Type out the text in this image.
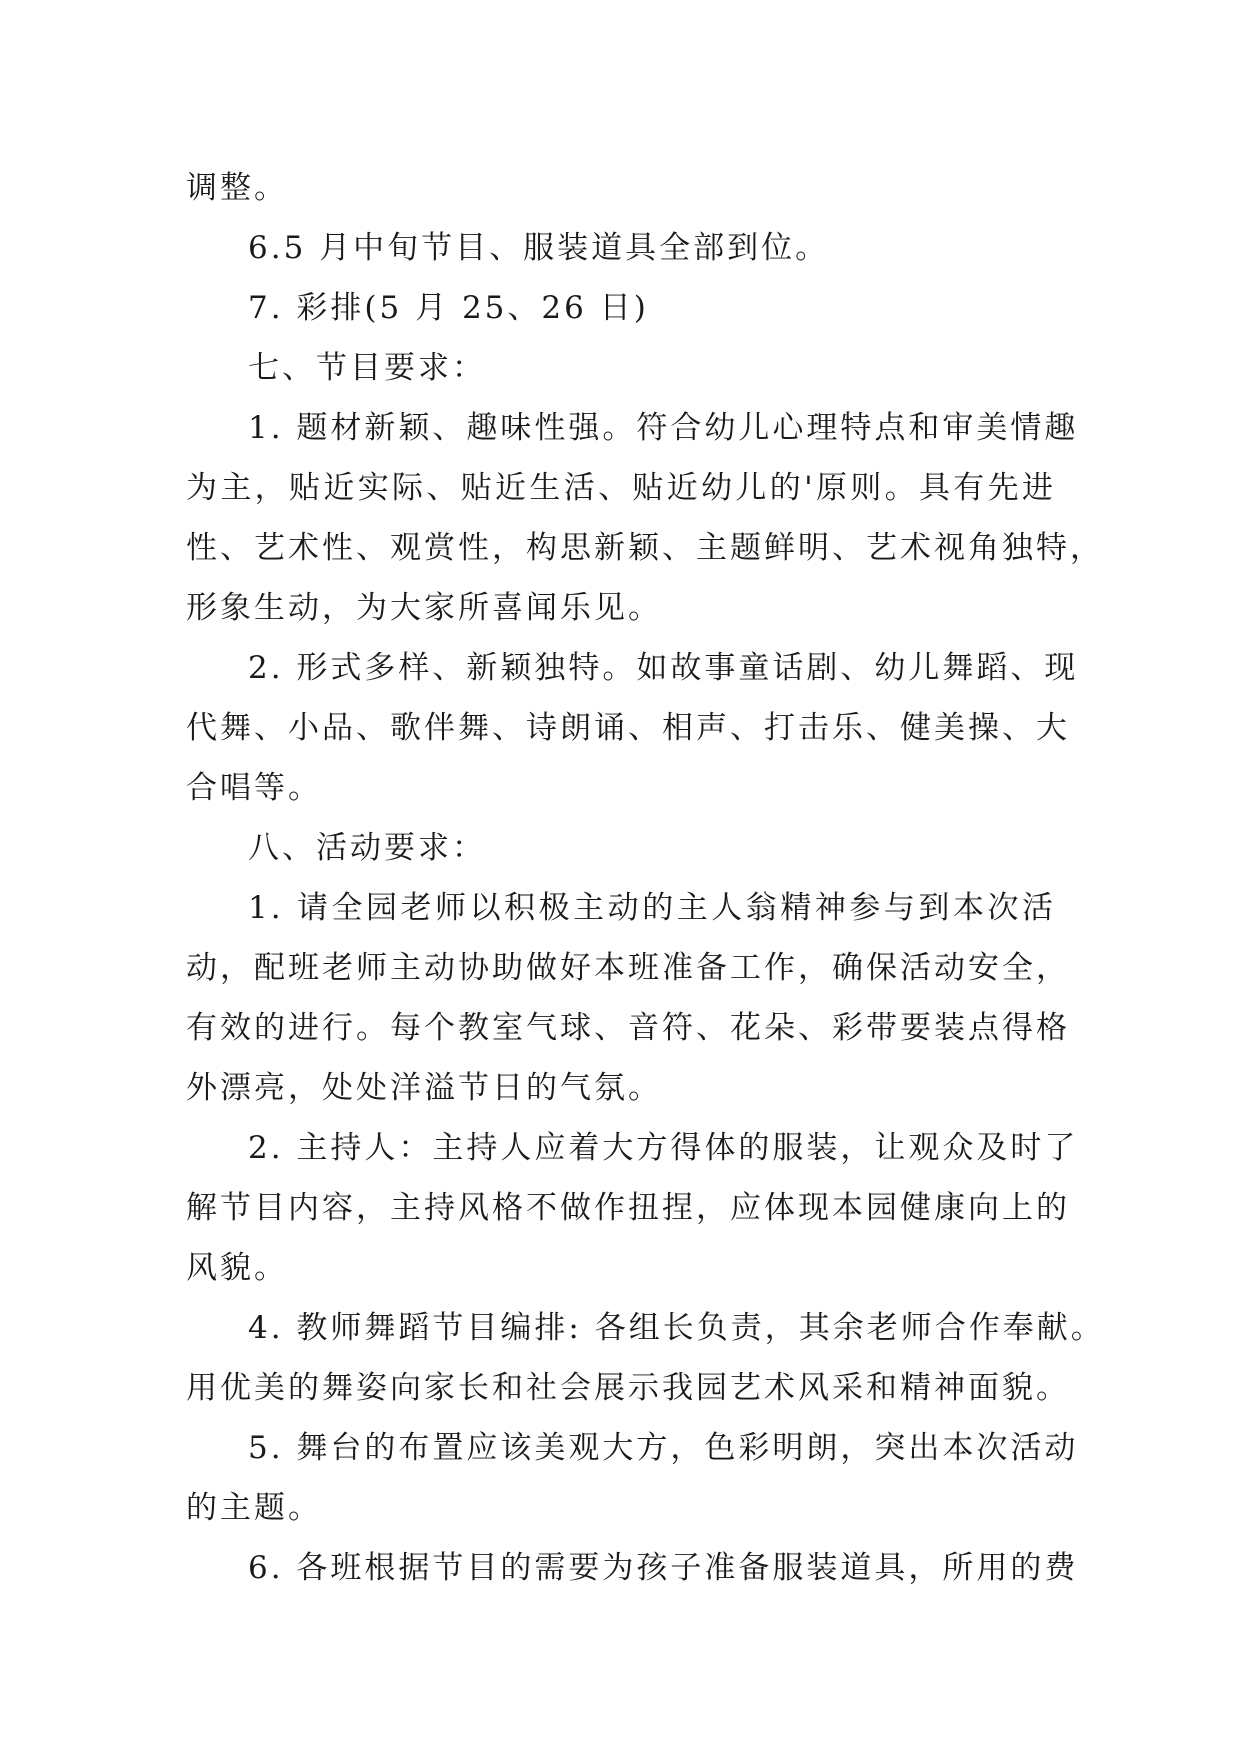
调整。
6.5 月中旬节目、服装道具全部到位。
7. 彩排(5 月 25、26 日)
七、节目要求：
1. 题材新颖、趣味性强。符合幼儿心理特点和审美情趣
为主，贴近实际、贴近生活、贴近幼儿的'原则。具有先进
性、艺术性、观赏性，构思新颖、主题鲜明、艺术视角独特，
形象生动，为大家所喜闻乐见。
2. 形式多样、新颖独特。如故事童话剧、幼儿舞蹈、现
代舞、小品、歌伴舞、诗朗诵、相声、打击乐、健美操、大
合唱等。
八、活动要求：
1. 请全园老师以积极主动的主人翁精神参与到本次活
动，配班老师主动协助做好本班准备工作，确保活动安全，
有效的进行。每个教室气球、音符、花朵、彩带要装点得格
外漂亮，处处洋溢节日的气氛。
2. 主持人：主持人应着大方得体的服装，让观众及时了
解节目内容，主持风格不做作扭捏，应体现本园健康向上的
风貌。
4. 教师舞蹈节目编排: 各组长负责，其余老师合作奉献。
用优美的舞姿向家长和社会展示我园艺术风采和精神面貌。
5. 舞台的布置应该美观大方，色彩明朗，突出本次活动
的主题。
6. 各班根据节目的需要为孩子准备服装道具，所用的费
